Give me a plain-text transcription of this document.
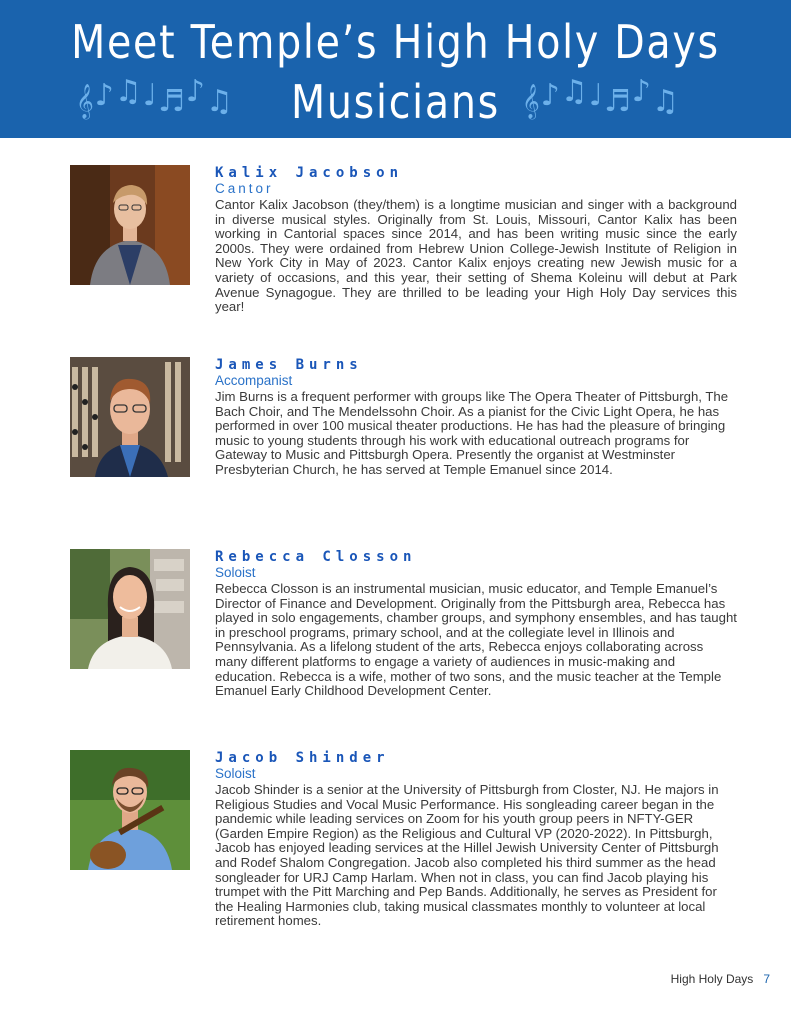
𝄞♪♫♩♬♪♫	𝄞♪♫♩♬♪♫
Meet Temple’s High Holy Days
Musicians

Kalix Jacobson

Cantor

Cantor Kalix Jacobson (they/them) is a longtime musician and singer with a background in diverse musical styles. Originally from St. Louis, Missouri, Cantor Kalix has been working in Cantorial spaces since 2014, and has been writing music since the early 2000s. They were ordained from Hebrew Union College-Jewish Institute of Religion in New York City in May of 2023. Cantor Kalix enjoys creating new Jewish music for a variety of occasions, and this year, their setting of Shema Koleinu will debut at Park Avenue Synagogue. They are thrilled to be leading your High Holy Day services this year!

James Burns

Accompanist

Jim Burns is a frequent performer with groups like The Opera Theater of Pittsburgh, The Bach Choir, and The Mendelssohn Choir. As a pianist for the Civic Light Opera, he has performed in over 100 musical theater productions. He has had the pleasure of bringing music to young students through his work with educational outreach programs for Gateway to Music and Pittsburgh Opera. Presently the organist at Westminster Presbyterian Church, he has served at Temple Emanuel since 2014.

Rebecca Closson

Soloist

Rebecca Closson is an instrumental musician, music educator, and Temple Emanuel’s Director of Finance and Development. Originally from the Pittsburgh area, Rebecca has played in solo engagements, chamber groups, and symphony ensembles, and has taught in preschool programs, primary school, and at the collegiate level in Illinois and Pennsylvania. As a lifelong student of the arts, Rebecca enjoys collaborating across many different platforms to engage a variety of audiences in music-making and education. Rebecca is a wife, mother of two sons, and the music teacher at the Temple Emanuel Early Childhood Development Center.

Jacob Shinder

Soloist

Jacob Shinder is a senior at the University of Pittsburgh from Closter, NJ. He majors in Religious Studies and Vocal Music Performance. His songleading career began in the pandemic while leading services on Zoom for his youth group peers in NFTY-GER (Garden Empire Region) as the Religious and Cultural VP (2020-2022). In Pittsburgh, Jacob has enjoyed leading services at the Hillel Jewish University Center of Pittsburgh and Rodef Shalom Congregation. Jacob also completed his third summer as the head songleader for URJ Camp Harlam. When not in class, you can find Jacob playing his trumpet with the Pitt Marching and Pep Bands. Additionally, he serves as President for the Healing Harmonies club, taking musical classmates monthly to volunteer at local retirement homes.

High Holy Days 7
